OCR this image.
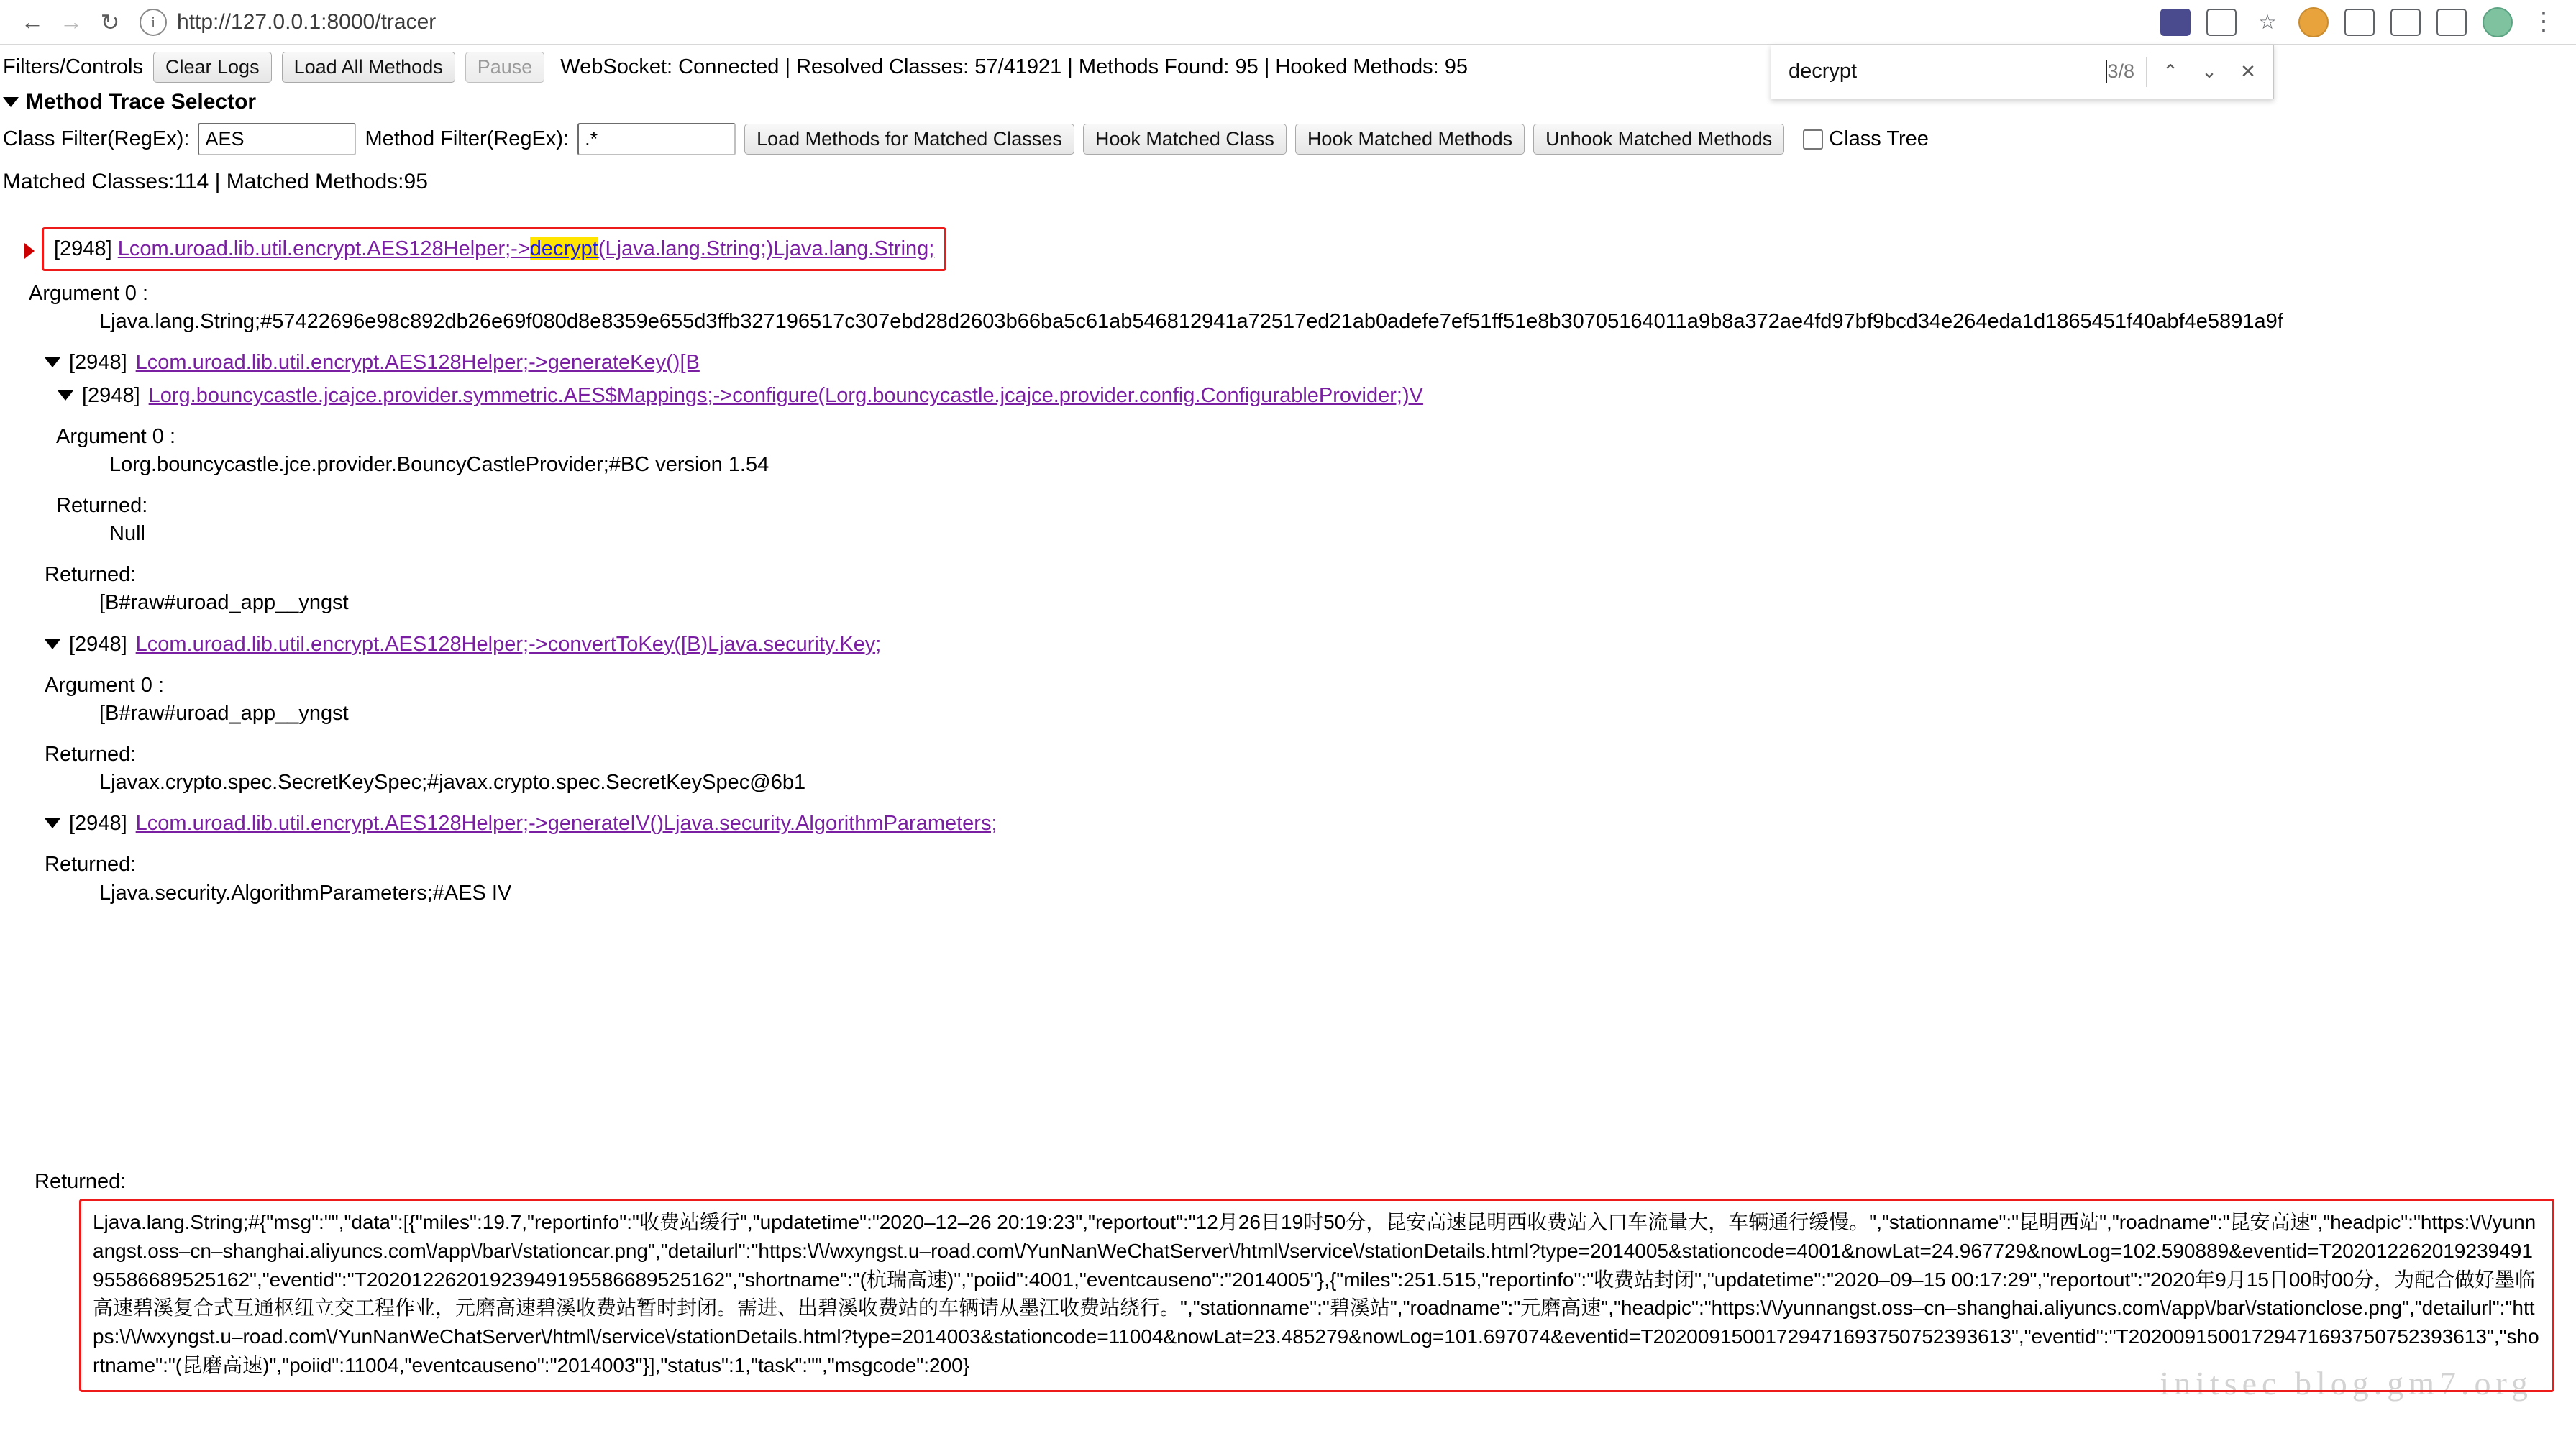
← → ↻	i http://127.0.0.1:8000/tracer	☆	⋮
decrypt
3/8	⌃	⌄	✕
Filters/Controls	Clear Logs	Load All Methods	Pause	WebSocket: Connected | Resolved Classes: 57/41921 | Methods Found: 95 | Hooked Methods: 95
Method Trace Selector
Class Filter(RegEx):
AES	Method Filter(RegEx):
.*	Load Methods for Matched Classes	Hook Matched Class	Hook Matched Methods	Unhook Matched Methods	Class Tree
Matched Classes:114 | Matched Methods:95
[2948] Lcom.uroad.lib.util.encrypt.AES128Helper;->decrypt(Ljava.lang.String;)Ljava.lang.String;
Argument 0 :
Ljava.lang.String;#57422696e98c892db26e69f080d8e8359e655d3ffb327196517c307ebd28d2603b66ba5c61ab546812941a72517ed21ab0adefe7ef51ff51e8b30705164011a9b8a372ae4fd97bf9bcd34e264eda1d1865451f40abf4e5891a9f
[2948] Lcom.uroad.lib.util.encrypt.AES128Helper;->generateKey()[B
[2948] Lorg.bouncycastle.jcajce.provider.symmetric.AES$Mappings;->configure(Lorg.bouncycastle.jcajce.provider.config.ConfigurableProvider;)V
Argument 0 :
Lorg.bouncycastle.jce.provider.BouncyCastleProvider;#BC version 1.54
Returned:
Null
Returned:
[B#raw#uroad_app__yngst
[2948] Lcom.uroad.lib.util.encrypt.AES128Helper;->convertToKey([B)Ljava.security.Key;
Argument 0 :
[B#raw#uroad_app__yngst
Returned:
Ljavax.crypto.spec.SecretKeySpec;#javax.crypto.spec.SecretKeySpec@6b1
[2948] Lcom.uroad.lib.util.encrypt.AES128Helper;->generateIV()Ljava.security.AlgorithmParameters;
Returned:
Ljava.security.AlgorithmParameters;#AES IV
Returned:
Ljava.lang.String;#{"msg":"","data":[{"miles":19.7,"reportinfo":"收费站缓行","updatetime":"2020–12–26 20:19:23","reportout":"12月26日19时50分，昆安高速昆明西收费站入口车流量大，车辆通行缓慢。","stationname":"昆明西站","roadname":"昆安高速","headpic":"https:\/\/yunnangst.oss–cn–shanghai.aliyuncs.com\/app\/bar\/stationcar.png","detailurl":"https:\/\/wxyngst.u–road.com\/YunNanWeChatServer\/html\/service\/stationDetails.html?type=2014005&stationcode=4001&nowLat=24.967729&nowLog=102.590889&eventid=T20201226201923949195586689525162","eventid":"T20201226201923949195586689525162","shortname":"(杭瑞高速)","poiid":4001,"eventcauseno":"2014005"},{"miles":251.515,"reportinfo":"收费站封闭","updatetime":"2020–09–15 00:17:29","reportout":"2020年9月15日00时00分，为配合做好墨临高速碧溪复合式互通枢纽立交工程作业，元磨高速碧溪收费站暂时封闭。需进、出碧溪收费站的车辆请从墨江收费站绕行。","stationname":"碧溪站","roadname":"元磨高速","headpic":"https:\/\/yunnangst.oss–cn–shanghai.aliyuncs.com\/app\/bar\/stationclose.png","detailurl":"https:\/\/wxyngst.u–road.com\/YunNanWeChatServer\/html\/service\/stationDetails.html?type=2014003&stationcode=11004&nowLat=23.485279&nowLog=101.697074&eventid=T20200915001729471693750752393613","eventid":"T20200915001729471693750752393613","shortname":"(昆磨高速)","poiid":11004,"eventcauseno":"2014003"}],"status":1,"task":"","msgcode":200}	initsec blog.gm7.org
